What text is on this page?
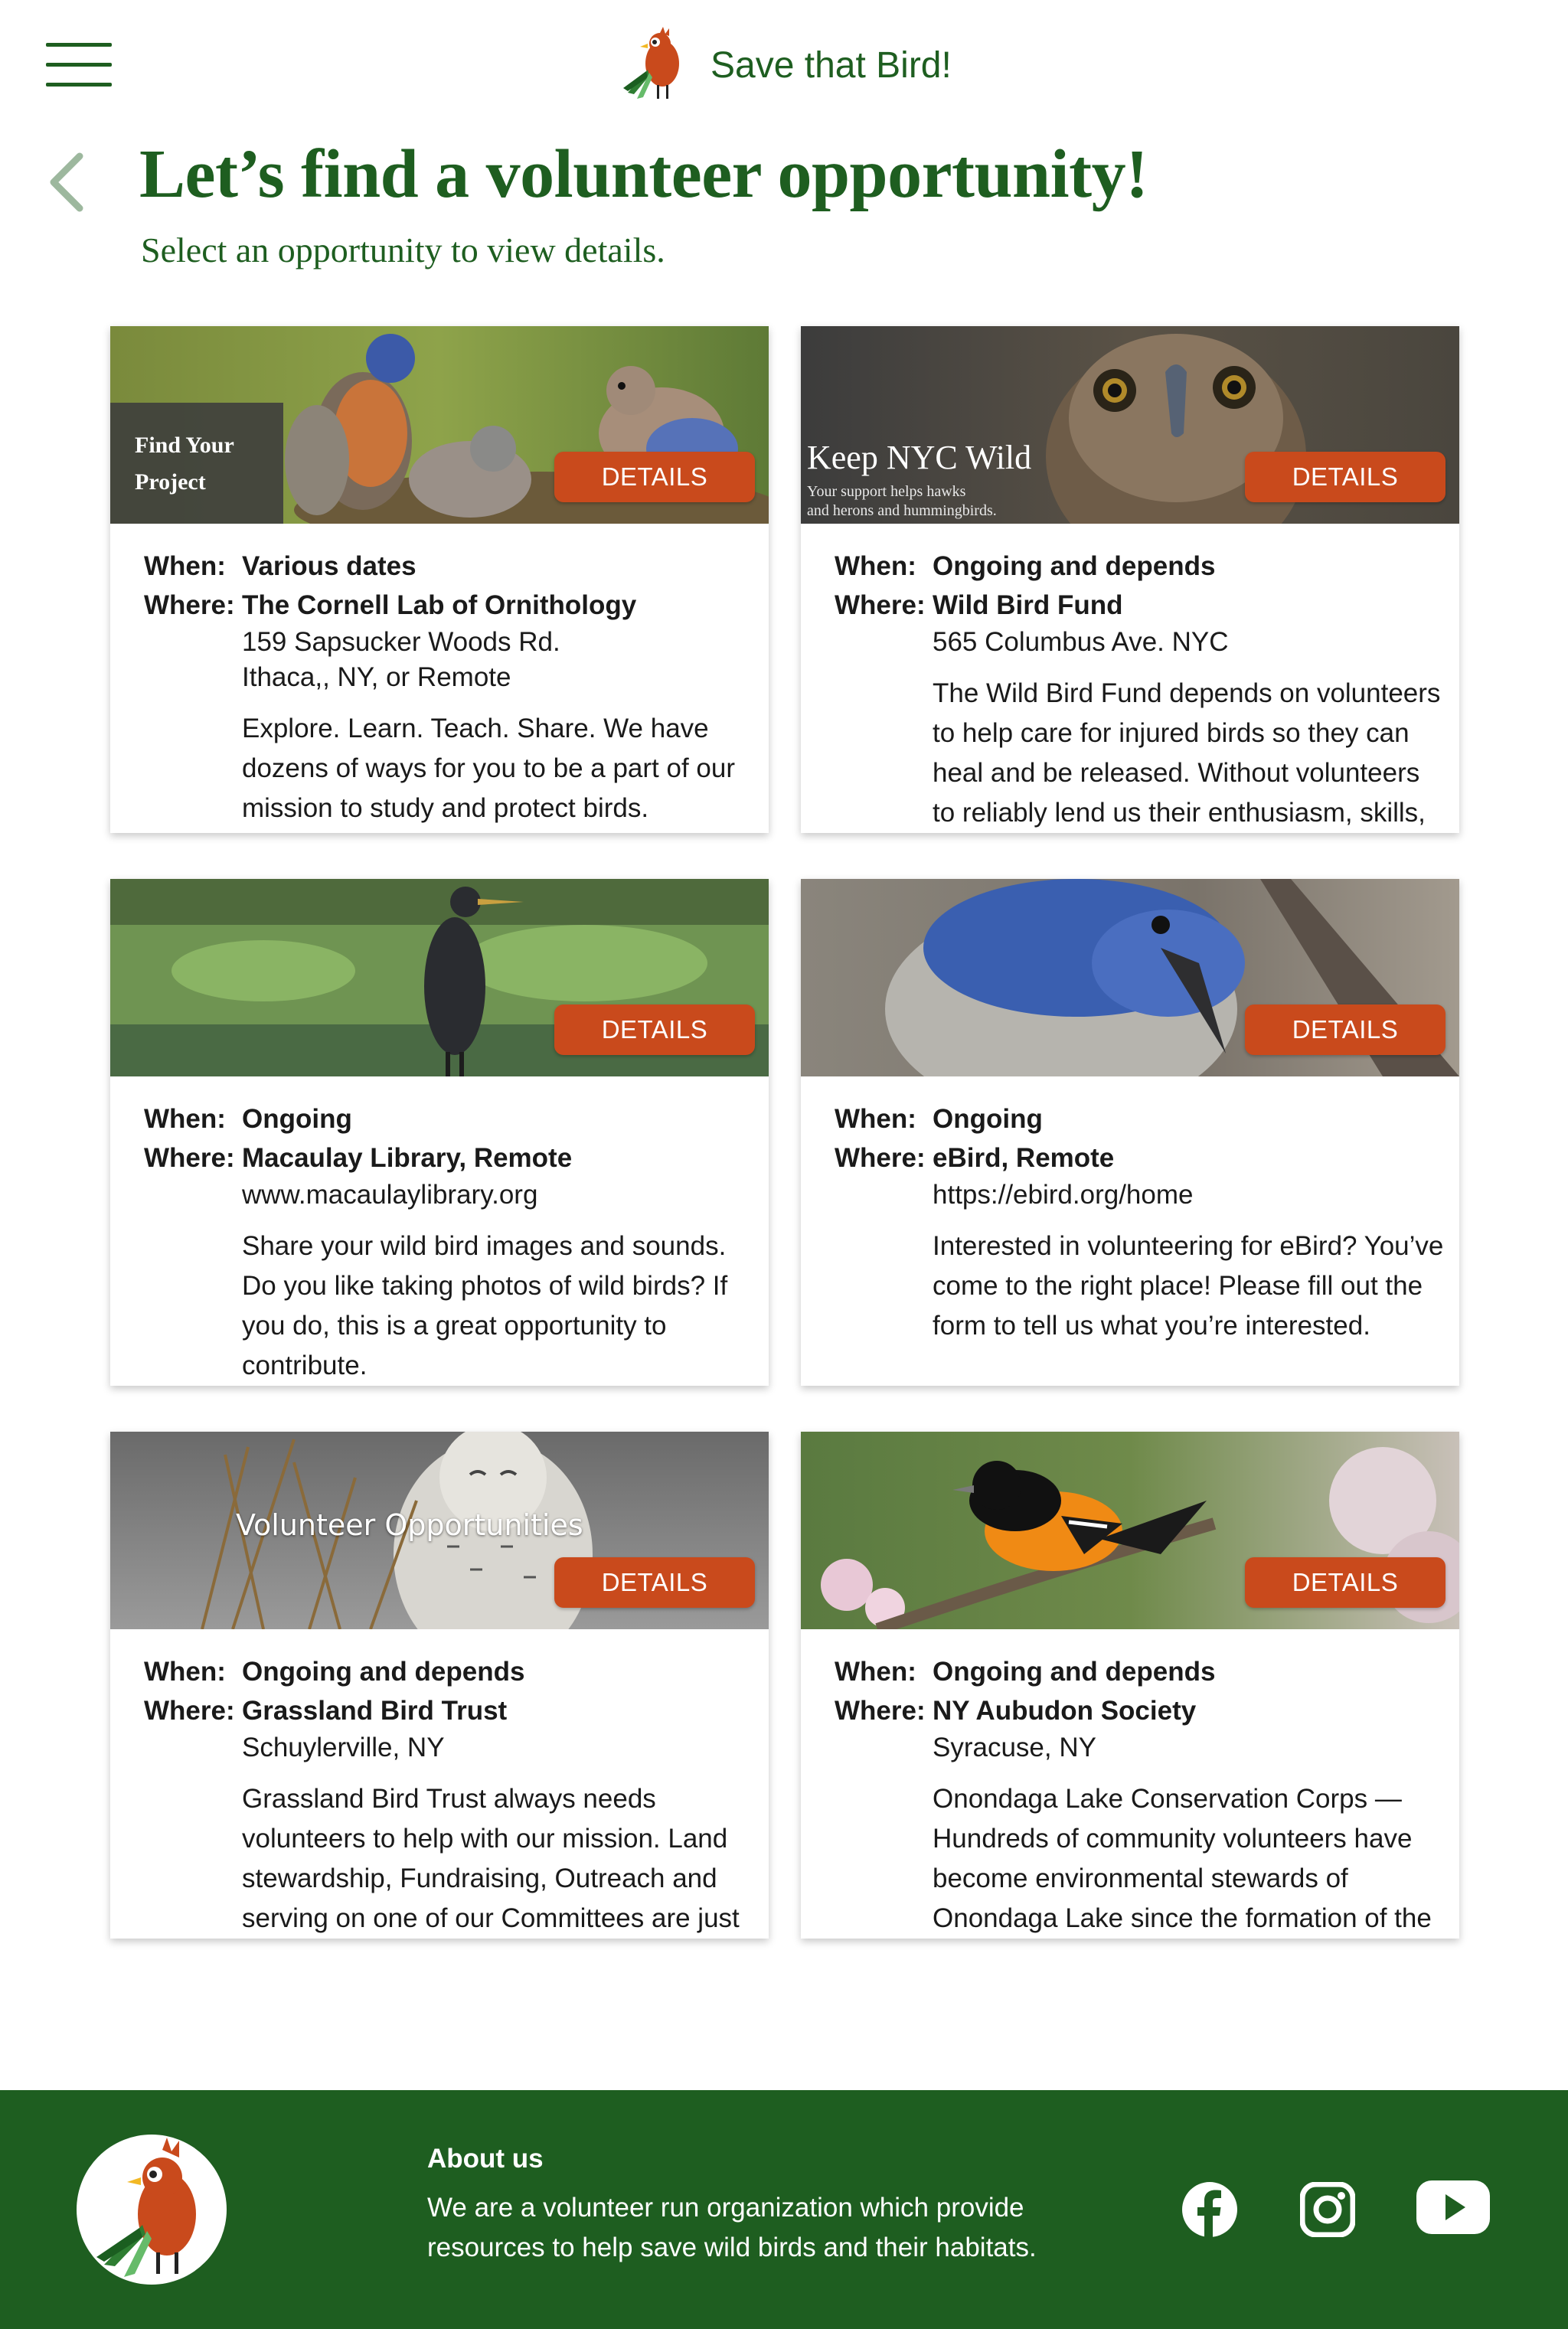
Save that Bird!
Let’s find a volunteer opportunity!
Select an opportunity to view details.
Find Your
Project	DETAILS
When: Various dates
Where: The Cornell Lab of Ornithology
159 Sapsucker Woods Rd.
Ithaca,, NY, or Remote
Explore. Learn. Teach. Share. We have dozens of ways for you to be a part of our mission to study and protect birds.
Keep NYC Wild
Your support helps hawks
and herons and hummingbirds.
DETAILS
When: Ongoing and depends
Where: Wild Bird Fund
565 Columbus Ave. NYC
The Wild Bird Fund depends on volunteers to help care for injured birds so they can heal and be released. Without volunteers to reliably lend us their enthusiasm, skills,
DETAILS
When: Ongoing
Where: Macaulay Library, Remote
www.macaulaylibrary.org
Share your wild bird images and sounds. Do you like taking photos of wild birds? If you do, this is a great opportunity to contribute.
DETAILS
When: Ongoing
Where: eBird, Remote
https://ebird.org/home
Interested in volunteering for eBird? You’ve come to the right place! Please fill out the form to tell us what you’re interested.
Volunteer Opportunities
DETAILS
When: Ongoing and depends
Where: Grassland Bird Trust
Schuylerville, NY
Grassland Bird Trust always needs volunteers to help with our mission. Land stewardship, Fundraising, Outreach and serving on one of our Committees are just
DETAILS
When: Ongoing and depends
Where: NY Aubudon Society
Syracuse, NY
Onondaga Lake Conservation Corps — Hundreds of community volunteers have become environmental stewards of Onondaga Lake since the formation of the
About us
We are a volunteer run organization which provide resources to help save wild birds and their habitats.
